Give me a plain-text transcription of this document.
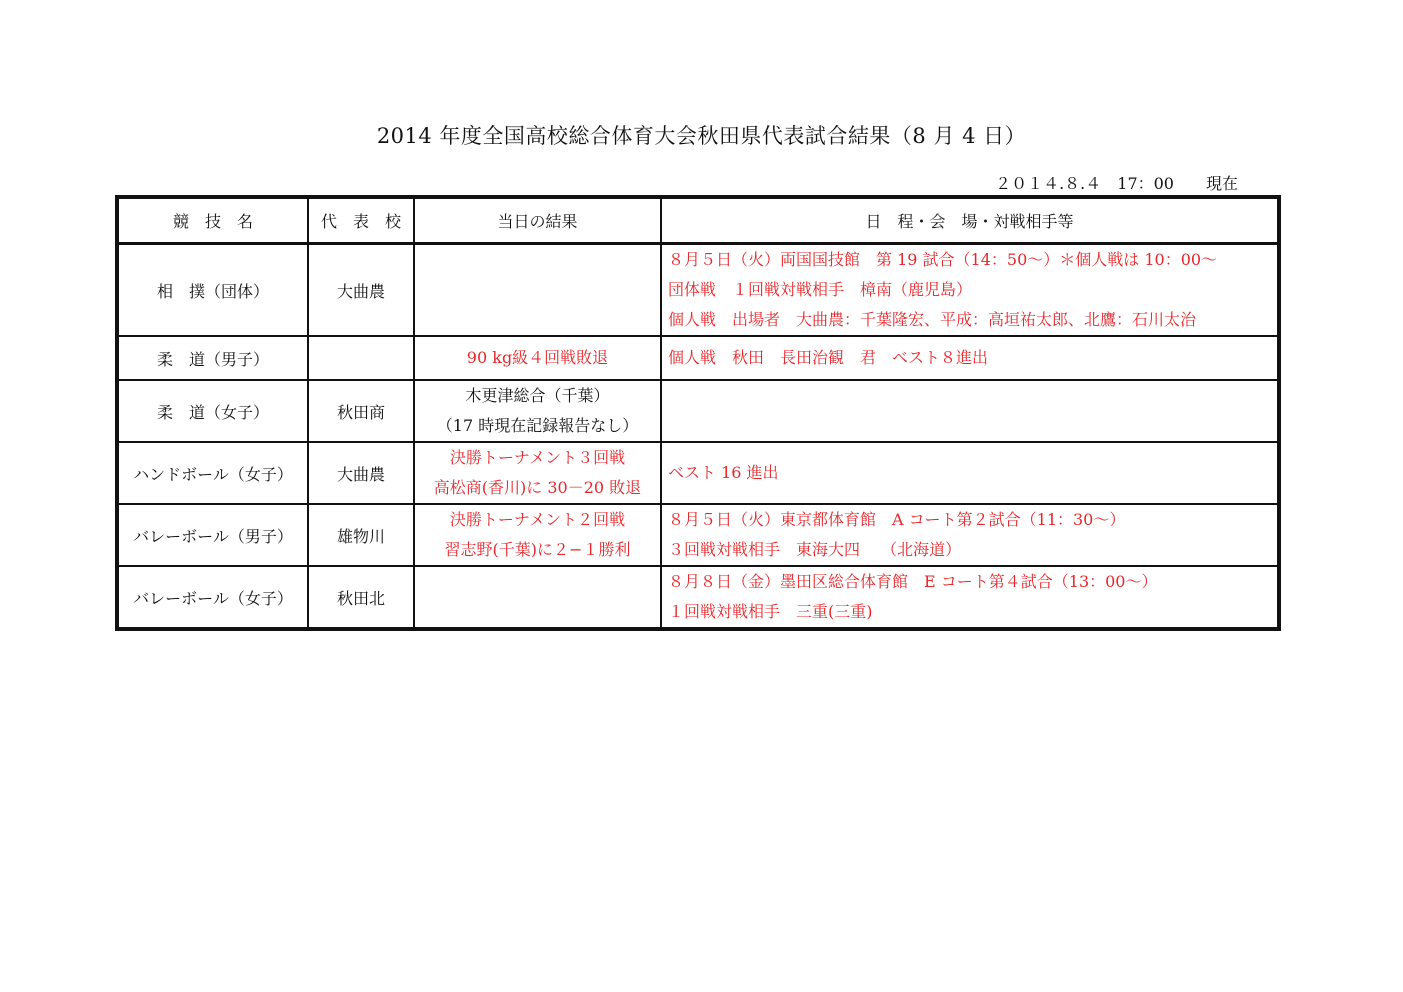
2014 年度全国高校総合体育大会秋田県代表試合結果（8 月 4 日）
２０１４.８.４　17：00　　現在
競　技　名	代　表　校	当日の結果	日　程・会　場・対戦相手等
相　撲（団体）	大曲農		８月５日（火）両国国技館　第 19 試合（14：50〜）＊個人戦は 10：00〜
団体戦　１回戦対戦相手　樟南（鹿児島）
個人戦　出場者　大曲農：千葉隆宏、平成：高垣祐太郎、北鷹：石川太治

柔　道（男子）		90 kg級４回戦敗退	個人戦　秋田　長田治観　君　ベスト８進出

柔　道（女子）	秋田商	木更津総合（千葉）
（17 時現在記録報告なし）	

ハンドボール（女子）	大曲農	決勝トーナメント３回戦
高松商(香川)に 30－20 敗退	ベスト 16 進出

バレーボール（男子）	雄物川	決勝トーナメント２回戦
習志野(千葉)に２−１勝利	８月５日（火）東京都体育館　A コート第２試合（11：30〜）
３回戦対戦相手　東海大四　 （北海道）

バレーボール（女子）	秋田北		８月８日（金）墨田区総合体育館　E コート第４試合（13：00〜）
１回戦対戦相手　三重(三重)
